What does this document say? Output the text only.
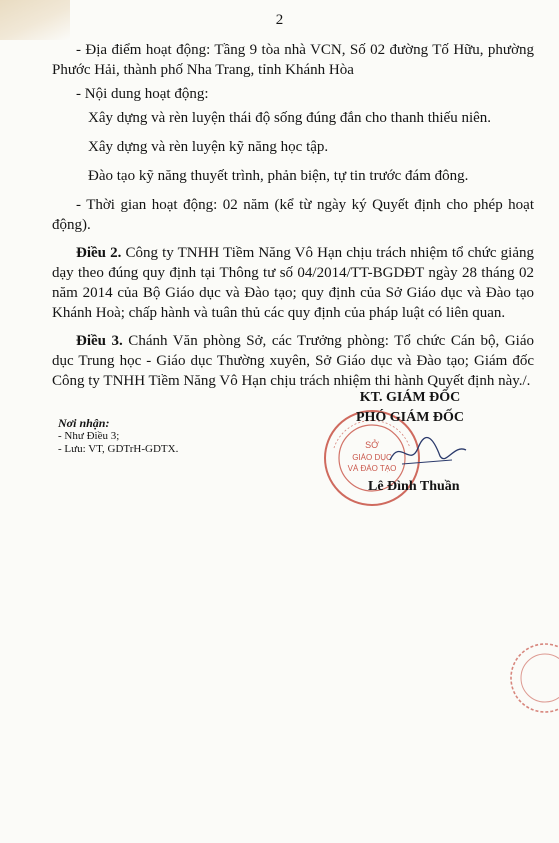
2

- Địa điểm hoạt động: Tầng 9 tòa nhà VCN, Số 02 đường Tố Hữu, phường Phước Hải, thành phố Nha Trang, tỉnh Khánh Hòa

- Nội dung hoạt động:

Xây dựng và rèn luyện thái độ sống đúng đắn cho thanh thiếu niên.

Xây dựng và rèn luyện kỹ năng học tập.

Đào tạo kỹ năng thuyết trình, phản biện, tự tin trước đám đông.

- Thời gian hoạt động: 02 năm (kể từ ngày ký Quyết định cho phép hoạt động).

Điều 2. Công ty TNHH Tiềm Năng Vô Hạn chịu trách nhiệm tổ chức giảng dạy theo đúng quy định tại Thông tư số 04/2014/TT-BGDĐT ngày 28 tháng 02 năm 2014 của Bộ Giáo dục và Đào tạo; quy định của Sở Giáo dục và Đào tạo Khánh Hoà; chấp hành và tuân thủ các quy định của pháp luật có liên quan.

Điều 3. Chánh Văn phòng Sở, các Trưởng phòng: Tổ chức Cán bộ, Giáo dục Trung học - Giáo dục Thường xuyên, Sở Giáo dục và Đào tạo; Giám đốc Công ty TNHH Tiềm Năng Vô Hạn chịu trách nhiệm thi hành Quyết định này./.

Nơi nhận:
- Như Điều 3;
- Lưu: VT, GDTrH-GDTX.	SỞ
GIÁO DỤC
VÀ ĐÀO TẠO
KT. GIÁM ĐỐC
PHÓ GIÁM ĐỐC
Lê Đình Thuần
